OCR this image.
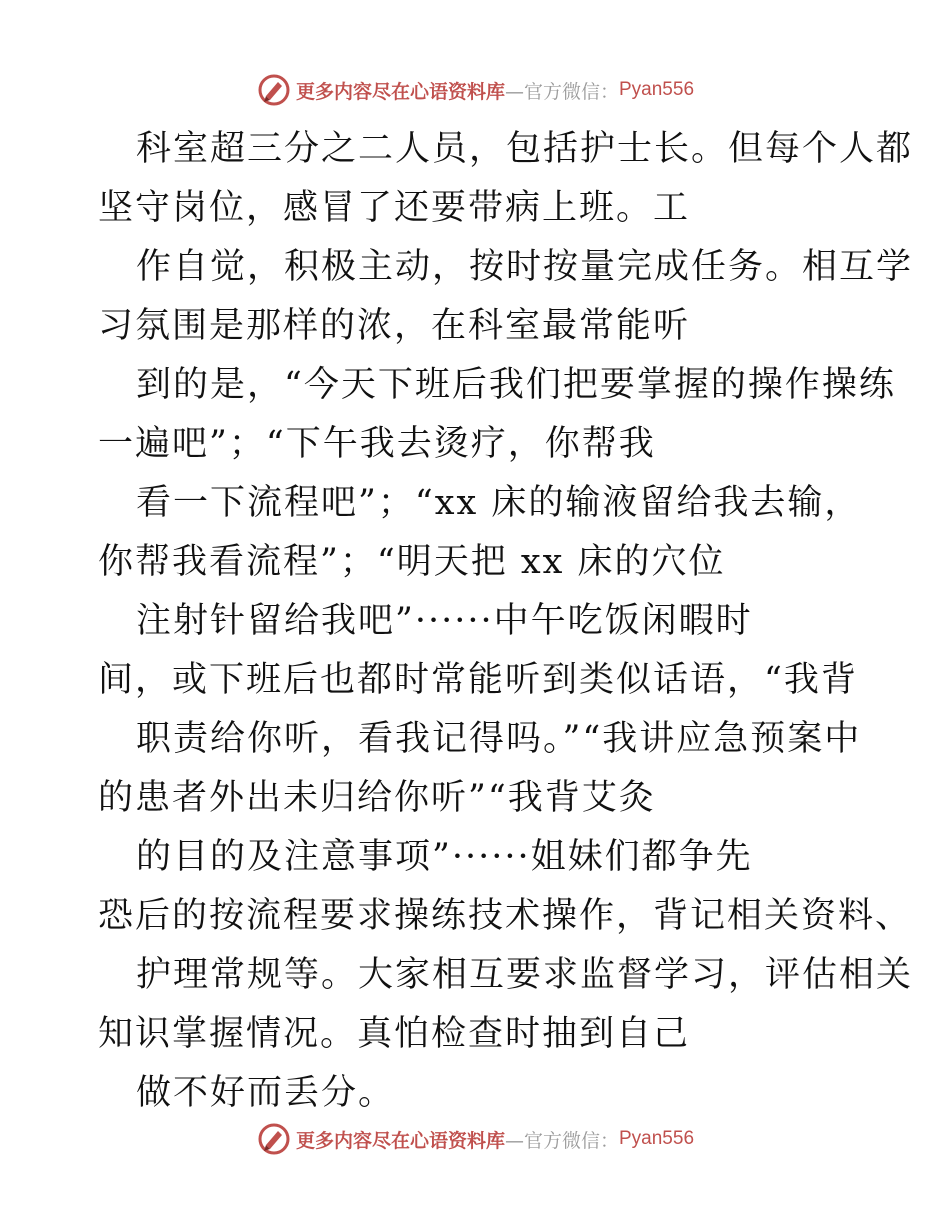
更多内容尽在心语资料库 —官方微信： Pyan556

科室超三分之二人员，包括护士长。但每个人都
坚守岗位，感冒了还要带病上班。工

作自觉，积极主动，按时按量完成任务。相互学
习氛围是那样的浓，在科室最常能听

到的是，“今天下班后我们把要掌握的操作操练
一遍吧”；“下午我去烫疗，你帮我

看一下流程吧”；“xx 床的输液留给我去输，
你帮我看流程”；“明天把 xx 床的穴位

注射针留给我吧”······中午吃饭闲暇时
间，或下班后也都时常能听到类似话语，“我背

职责给你听，看我记得吗。”“我讲应急预案中
的患者外出未归给你听”“我背艾灸

的目的及注意事项”······姐妹们都争先
恐后的按流程要求操练技术操作，背记相关资料、

护理常规等。大家相互要求监督学习，评估相关
知识掌握情况。真怕检查时抽到自己

做不好而丢分。

更多内容尽在心语资料库 —官方微信： Pyan556
